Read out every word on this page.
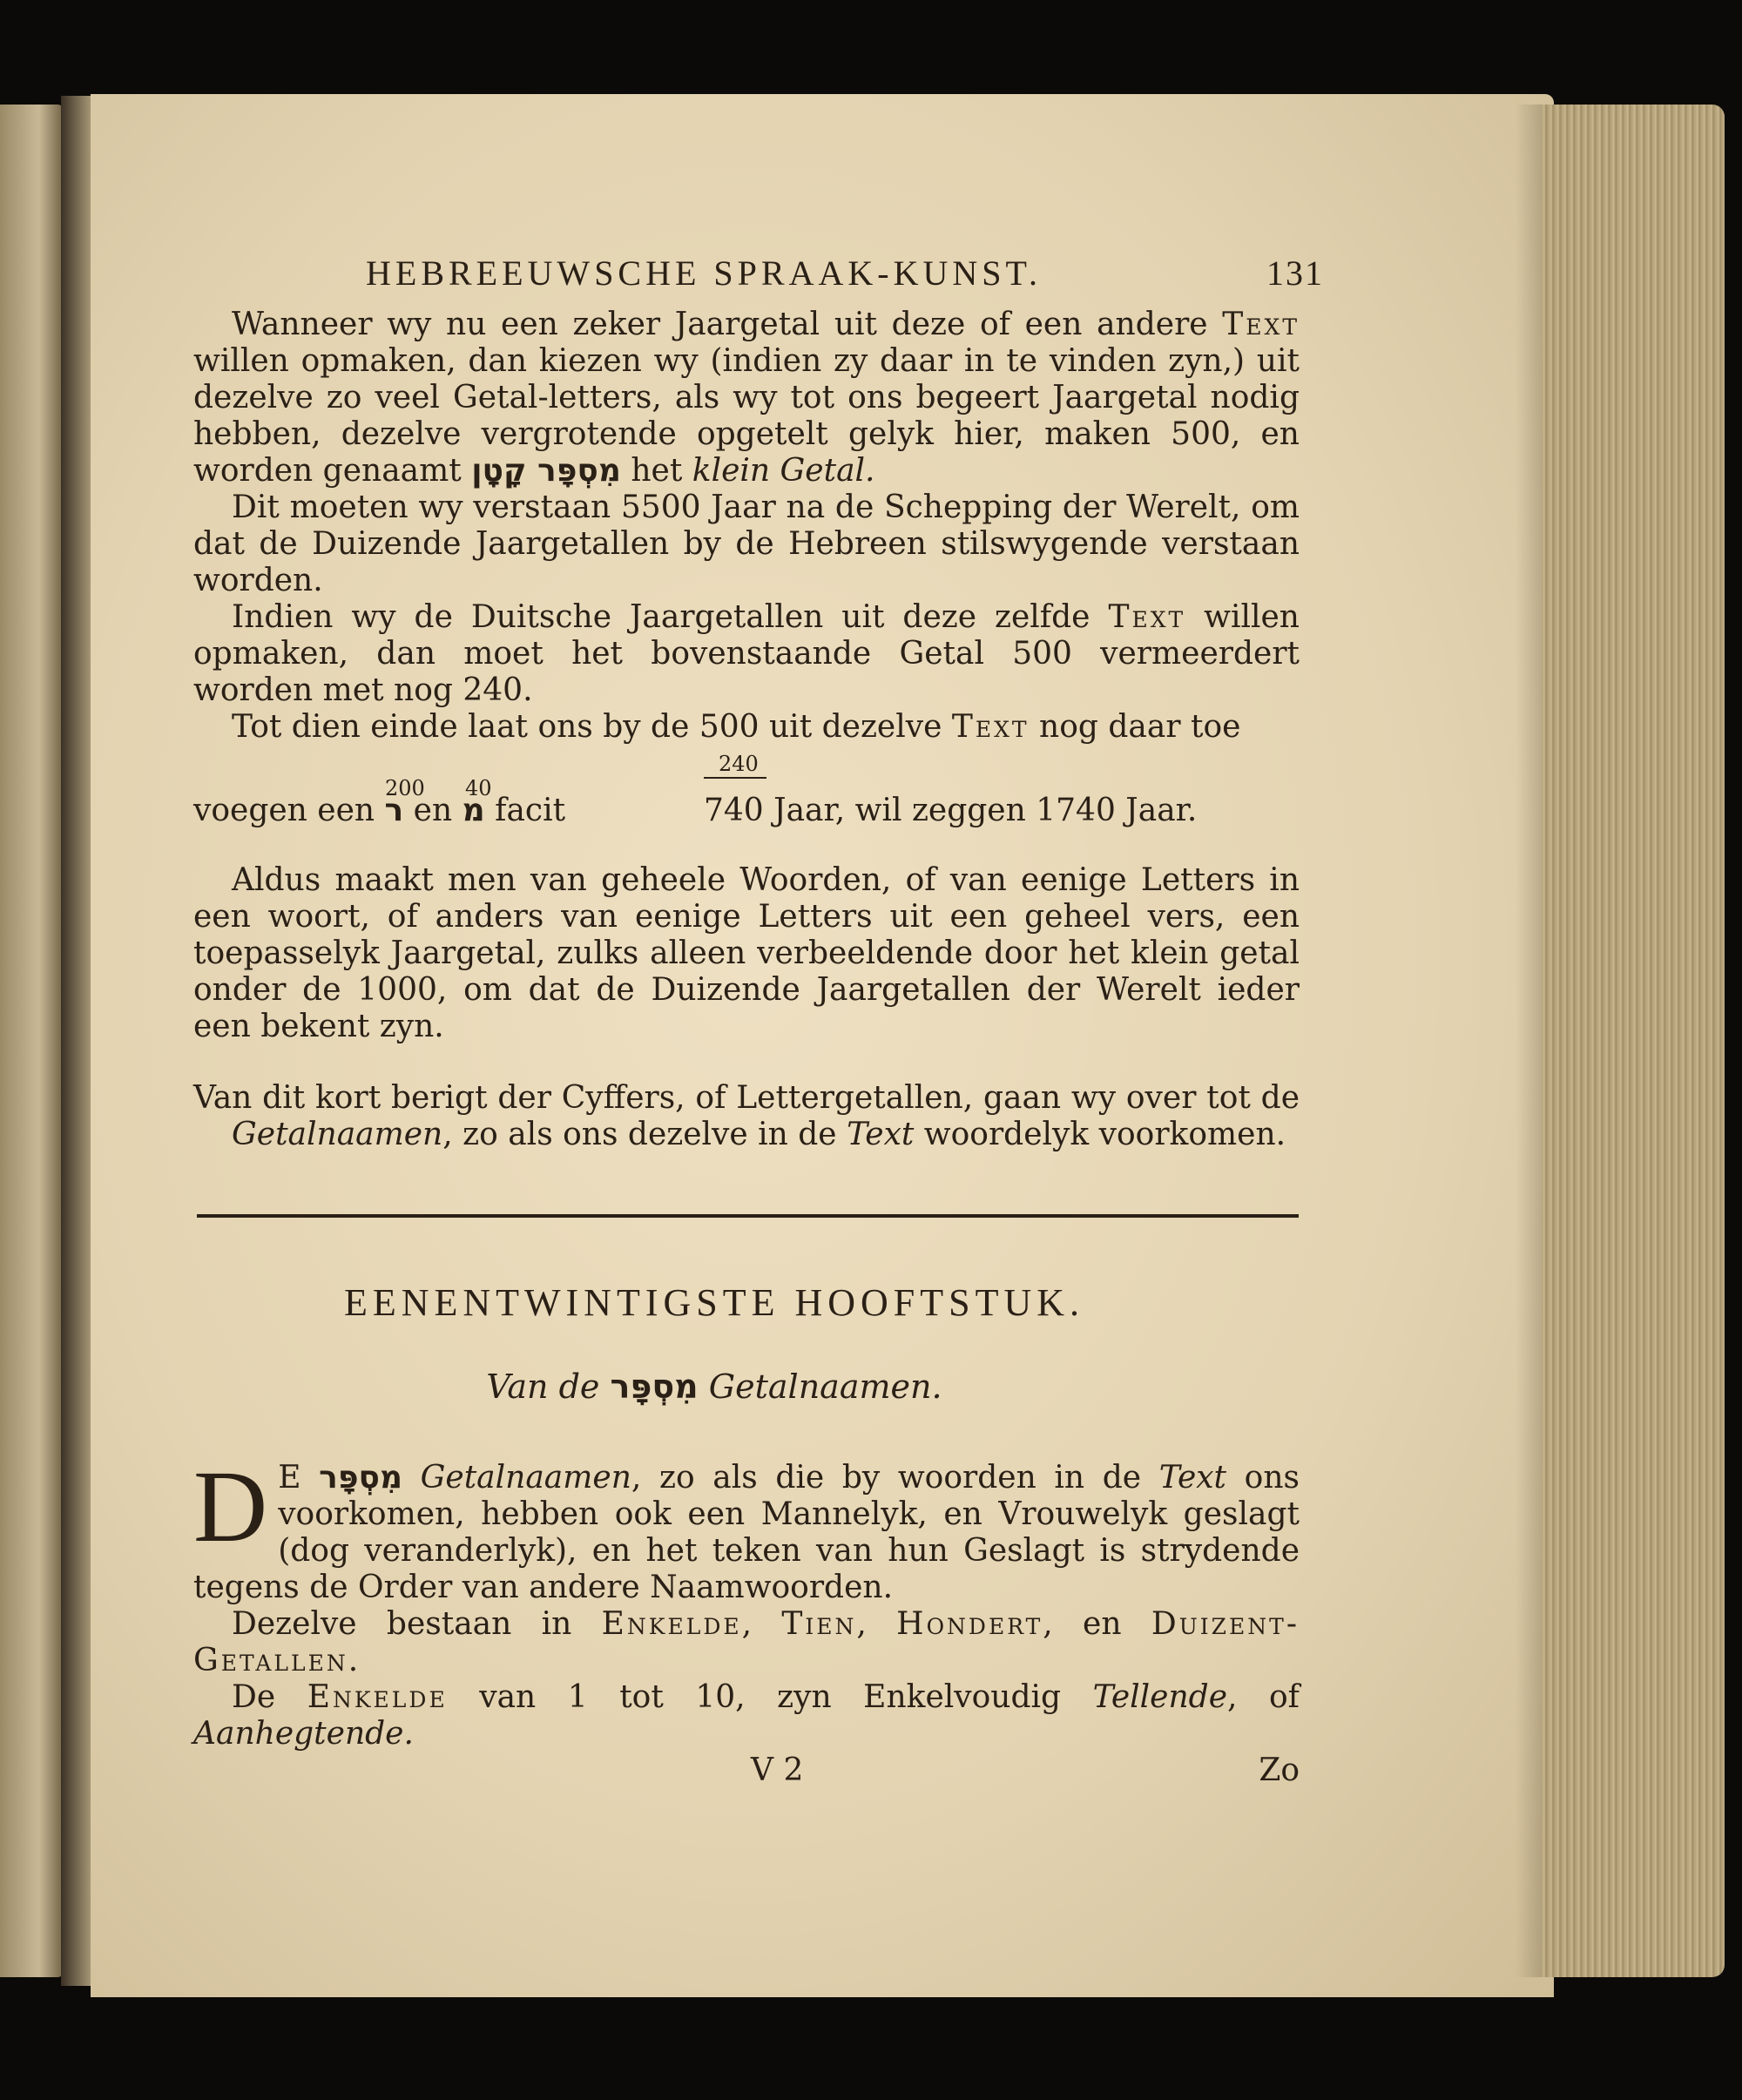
HEBREEUWSCHE SPRAAK-KUNST.	131

Wanneer wy nu een zeker Jaargetal uit deze of een andere Text willen opmaken, dan kiezen wy (indien zy daar in te vinden zyn,) uit dezelve zo veel Getal-letters, als wy tot ons begeert Jaargetal nodig hebben, dezelve vergrotende opgetelt gelyk hier, maken 500, en worden genaamt מִסְפָּר קָטָן het klein Getal.

Dit moeten wy verstaan 5500 Jaar na de Schepping der Werelt, om dat de Duizende Jaargetallen by de Hebreen stilswygende verstaan worden.

Indien wy de Duitsche Jaargetallen uit deze zelfde Text willen opmaken, dan moet het bovenstaande Getal 500 vermeerdert worden met nog 240.

Tot dien einde laat ons by de 500 uit dezelve Text nog daar toe

240
200 40
voegen een ר en מ facit	740 Jaar, wil zeggen 1740 Jaar.

Aldus maakt men van geheele Woorden, of van eenige Letters in een woort, of anders van eenige Letters uit een geheel vers, een toepasselyk Jaargetal, zulks alleen verbeeldende door het klein getal onder de 1000, om dat de Duizende Jaargetallen der Werelt ieder een bekent zyn.

Van dit kort berigt der Cyffers, of Lettergetallen, gaan wy over tot de Getalnaamen, zo als ons dezelve in de Text woordelyk voorkomen.

EENENTWINTIGSTE HOOFTSTUK.
Van de מִסְפָּר Getalnaamen.

D E מִסְפָּר Getalnaamen, zo als die by woorden in de Text ons voorkomen, hebben ook een Mannelyk, en Vrouwelyk geslagt (dog veranderlyk), en het teken van hun Geslagt is strydende tegens de Order van andere Naamwoorden.

Dezelve bestaan in Enkelde, Tien, Hondert, en Duizent-Getallen.

De Enkelde van 1 tot 10, zyn Enkelvoudig Tellende, of Aanhegtende.

V 2	Zo
